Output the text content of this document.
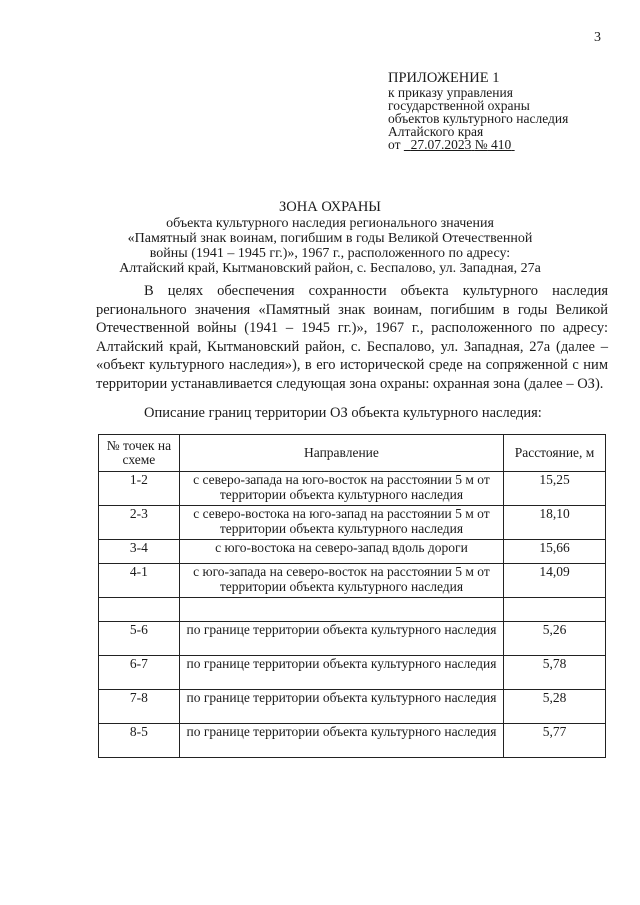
3
ПРИЛОЖЕНИЕ 1
к приказу управления
государственной охраны
объектов культурного наследия
Алтайского края
от 27.07.2023 № 410
ЗОНА ОХРАНЫ
объекта культурного наследия регионального значения
«Памятный знак воинам, погибшим в годы Великой Отечественной
войны (1941 – 1945 гг.)», 1967 г., расположенного по адресу:
Алтайский край, Кытмановский район, с. Беспалово, ул. Западная, 27а

В целях обеспечения сохранности объекта культурного наследия регионального значения «Памятный знак воинам, погибшим в годы Великой Отечественной войны (1941 – 1945 гг.)», 1967 г., расположенного по адресу: Алтайский край, Кытмановский район, с. Беспалово, ул. Западная, 27а (далее – «объект культурного наследия»), в его исторической среде на сопряженной с ним территории устанавливается следующая зона охраны: охранная зона (далее – ОЗ).

Описание границ территории ОЗ объекта культурного наследия:
№ точек на схеме	Направление	Расстояние, м
1-2	с северо-запада на юго-восток на расстоянии 5 м от территории объекта культурного наследия	15,25
2-3	с северо-востока на юго-запад на расстоянии 5 м от территории объекта культурного наследия	18,10
3-4	с юго-востока на северо-запад вдоль дороги	15,66
4-1	с юго-запада на северо-восток на расстоянии 5 м от территории объекта культурного наследия	14,09

5-6	по границе территории объекта культурного наследия	5,26
6-7	по границе территории объекта культурного наследия	5,78
7-8	по границе территории объекта культурного наследия	5,28
8-5	по границе территории объекта культурного наследия	5,77
